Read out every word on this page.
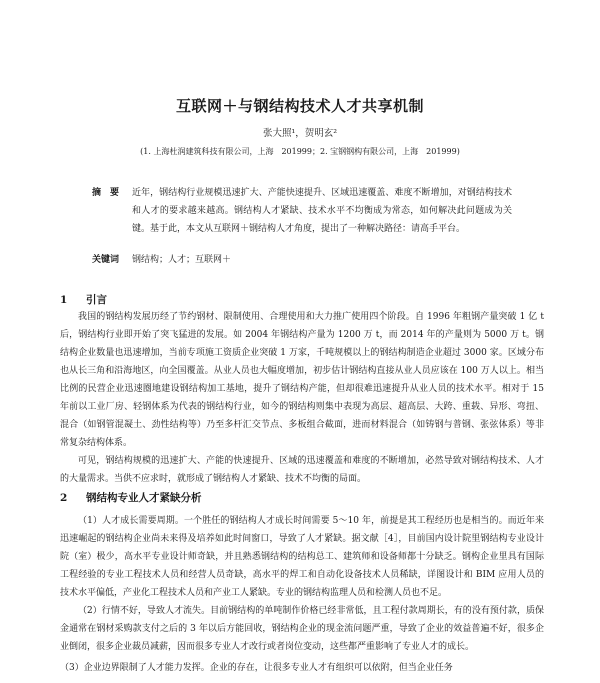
互联网＋与钢结构技术人才共享机制
张大照¹，贺明玄²
(1. 上海杜润建筑科技有限公司，上海　201999；2. 宝钢钢构有限公司，上海　201999)
摘　要 近年，钢结构行业规模迅速扩大、产能快速提升、区域迅速覆盖、难度不断增加，对钢结构技术和人才的要求越来越高。钢结构人才紧缺、技术水平不均衡成为常态，如何解决此问题成为关键。基于此，本文从互联网＋钢结构人才角度，提出了一种解决路径：请高手平台。
关键词 钢结构；人才；互联网＋
1 引言

我国的钢结构发展历经了节约钢材、限制使用、合理使用和大力推广使用四个阶段。自 1996 年粗钢产量突破 1 亿 t 后，钢结构行业即开始了突飞猛进的发展。如 2004 年钢结构产量为 1200 万 t，而 2014 年的产量则为 5000 万 t。钢结构企业数量也迅速增加，当前专项施工资质企业突破 1 万家，千吨规模以上的钢结构制造企业超过 3000 家。区域分布也从长三角和沿海地区，向全国覆盖。从业人员也大幅度增加，初步估计钢结构直接从业人员应该在 100 万人以上。相当比例的民营企业迅速圈地建设钢结构加工基地，提升了钢结构产能，但却很难迅速提升从业人员的技术水平。相对于 15 年前以工业厂房、轻钢体系为代表的钢结构行业，如今的钢结构则集中表现为高层、超高层、大跨、重载、异形、弯扭、混合（如钢管混凝土、劲性结构等）乃至多杆汇交节点、多板组合截面，进而材料混合（如铸钢与普钢、张弦体系）等非常复杂结构体系。

可见，钢结构规模的迅速扩大、产能的快速提升、区域的迅速覆盖和难度的不断增加，必然导致对钢结构技术、人才的大量需求。当供不应求时，就形成了钢结构人才紧缺、技术不均衡的局面。

2 钢结构专业人才紧缺分析

（1）人才成长需要周期。一个胜任的钢结构人才成长时间需要 5～10 年，前提是其工程经历也是相当的。而近年来迅速崛起的钢结构企业尚未来得及培养如此时间窗口，导致了人才紧缺。据文献［4］，目前国内设计院里钢结构专业设计院（室）极少，高水平专业设计师奇缺，并且熟悉钢结构的结构总工、建筑师和设备师都十分缺乏。钢构企业里具有国际工程经验的专业工程技术人员和经营人员奇缺，高水平的焊工和自动化设备技术人员稀缺，详图设计和 BIM 应用人员的技术水平偏低，产业化工程技术人员和产业工人紧缺。专业的钢结构监理人员和检测人员也不足。

（2）行情不好，导致人才流失。目前钢结构的单吨制作价格已经非常低，且工程付款周期长，有的没有预付款，质保金通常在钢材采购款支付之后的 3 年以后方能回收，钢结构企业的现金流问题严重，导致了企业的效益普遍不好，很多企业倒闭，很多企业裁员减薪，因而很多专业人才改行或者岗位变动，这些都严重影响了专业人才的成长。

（3）企业边界限制了人才能力发挥。企业的存在，让很多专业人才有组织可以依附，但当企业任务
